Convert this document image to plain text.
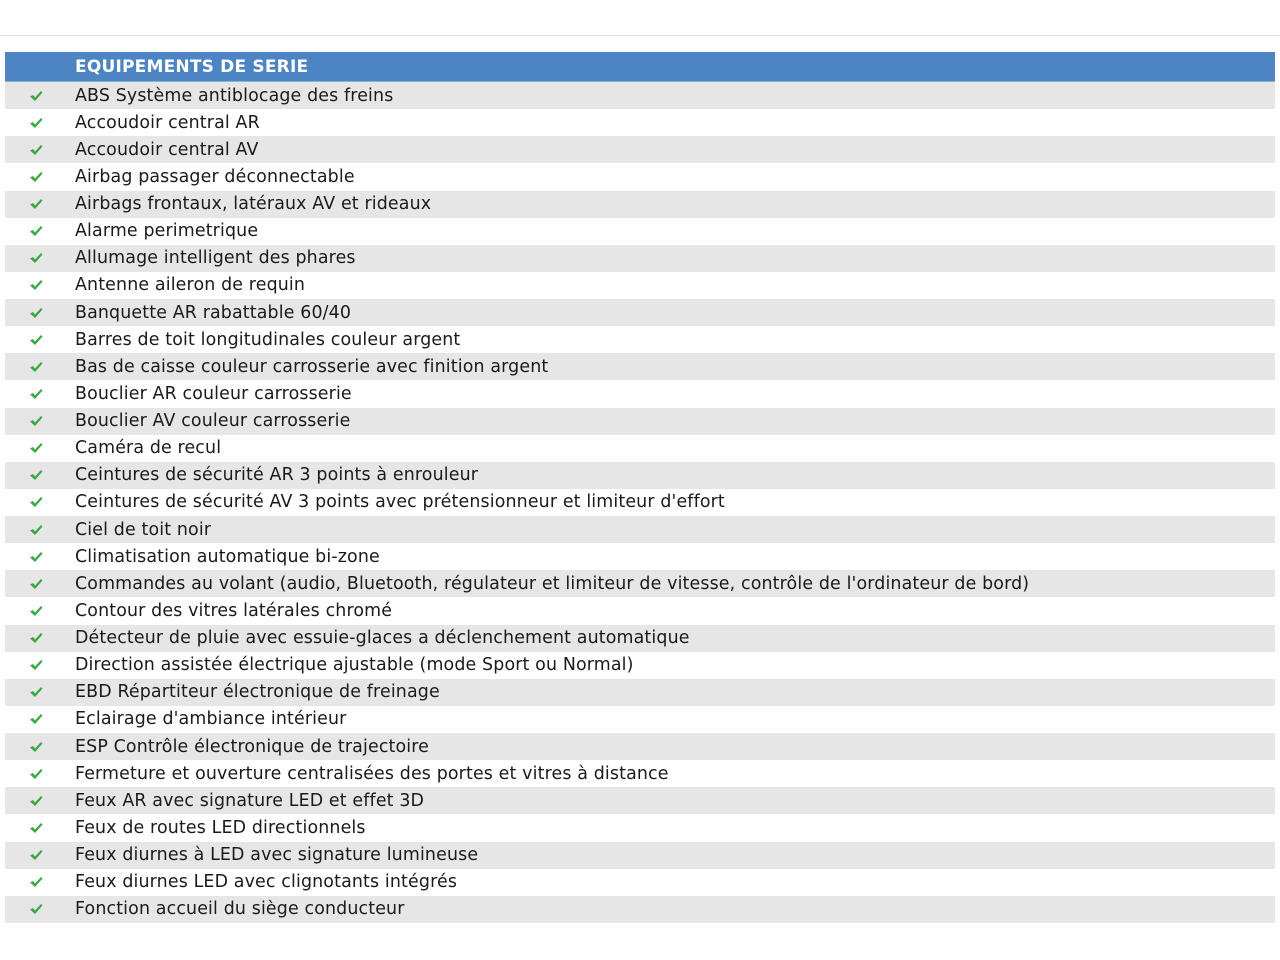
EQUIPEMENTS DE SERIE
ABS Système antiblocage des freins
Accoudoir central AR
Accoudoir central AV
Airbag passager déconnectable
Airbags frontaux, latéraux AV et rideaux
Alarme perimetrique
Allumage intelligent des phares
Antenne aileron de requin
Banquette AR rabattable 60/40
Barres de toit longitudinales couleur argent
Bas de caisse couleur carrosserie avec finition argent
Bouclier AR couleur carrosserie
Bouclier AV couleur carrosserie
Caméra de recul
Ceintures de sécurité AR 3 points à enrouleur
Ceintures de sécurité AV 3 points avec prétensionneur et limiteur d'effort
Ciel de toit noir
Climatisation automatique bi-zone
Commandes au volant (audio, Bluetooth, régulateur et limiteur de vitesse, contrôle de l'ordinateur de bord)
Contour des vitres latérales chromé
Détecteur de pluie avec essuie-glaces a déclenchement automatique
Direction assistée électrique ajustable (mode Sport ou Normal)
EBD Répartiteur électronique de freinage
Eclairage d'ambiance intérieur
ESP Contrôle électronique de trajectoire
Fermeture et ouverture centralisées des portes et vitres à distance
Feux AR avec signature LED et effet 3D
Feux de routes LED directionnels
Feux diurnes à LED avec signature lumineuse
Feux diurnes LED avec clignotants intégrés
Fonction accueil du siège conducteur
